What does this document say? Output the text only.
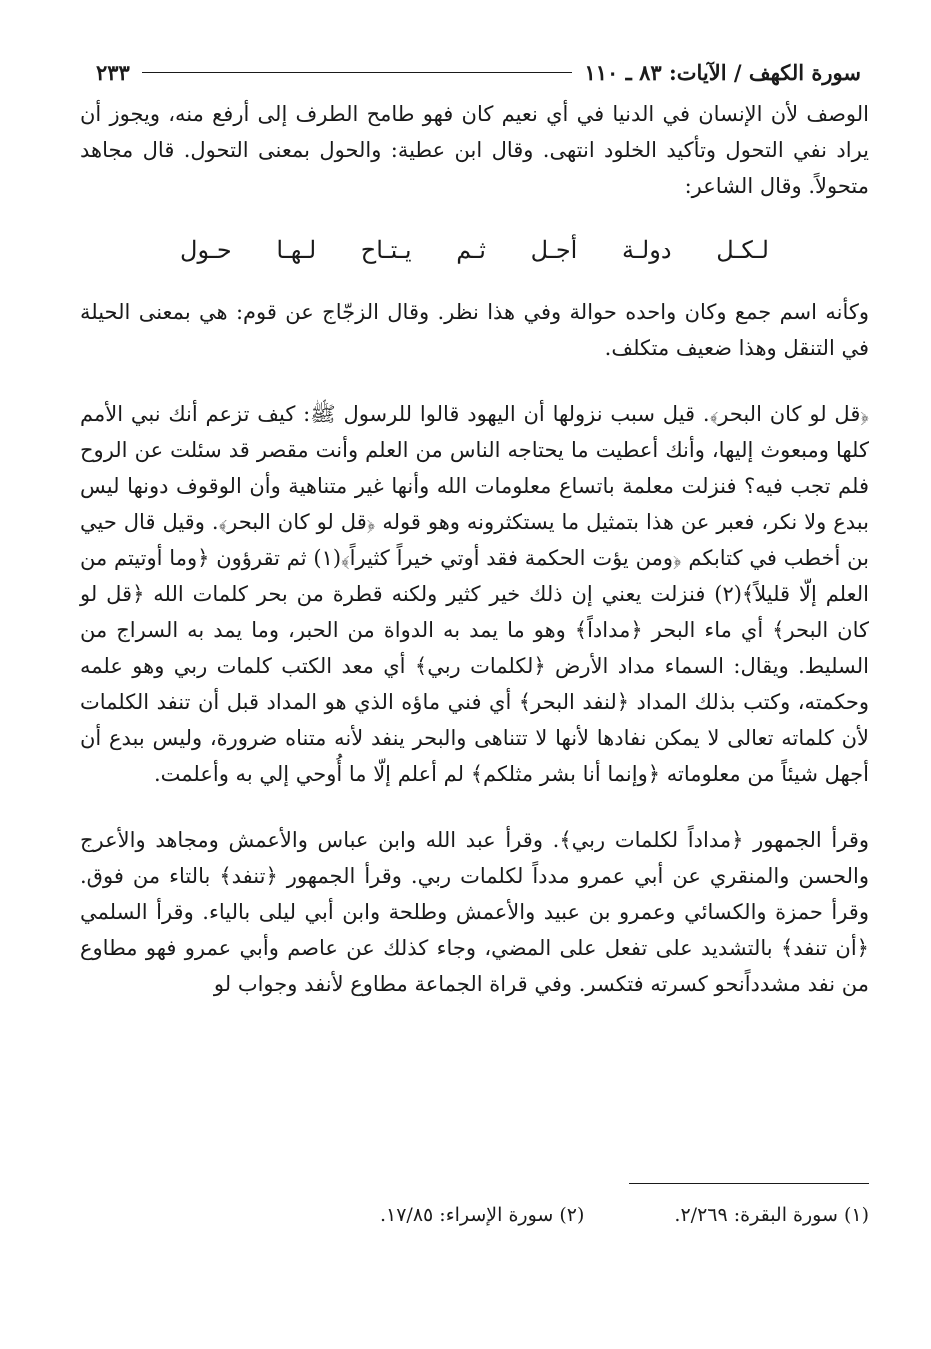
سورة الكهف / الآيات: ٨٣ ـ ١١٠
٢٣٣

الوصف لأن الإنسان في الدنيا في أي نعيم كان فهو طامح الطرف إلى أرفع منه، ويجوز أن يراد نفي التحول وتأكيد الخلود انتهى. وقال ابن عطية: والحول بمعنى التحول. قال مجاهد متحولاً. وقال الشاعر:

لـكـل
دولـة
أجـل
ثـم
يـتـاح
لـهـا
حـول

وكأنه اسم جمع وكان واحده حوالة وفي هذا نظر. وقال الزجّاج عن قوم: هي بمعنى الحيلة في التنقل وهذا ضعيف متكلف.

﴿قل لو كان البحر﴾. قيل سبب نزولها أن اليهود قالوا للرسول ﷺ: كيف تزعم أنك نبي الأمم كلها ومبعوث إليها، وأنك أعطيت ما يحتاجه الناس من العلم وأنت مقصر قد سئلت عن الروح فلم تجب فيه؟ فنزلت معلمة باتساع معلومات الله وأنها غير متناهية وأن الوقوف دونها ليس ببدع ولا نكر، فعبر عن هذا بتمثيل ما يستكثرونه وهو قوله ﴿قل لو كان البحر﴾. وقيل قال حيي بن أخطب في كتابكم ﴿ومن يؤت الحكمة فقد أوتي خيراً كثيراً﴾(١) ثم تقرؤون ﴿وما أوتيتم من العلم إلّا قليلاً﴾(٢) فنزلت يعني إن ذلك خير كثير ولكنه قطرة من بحر كلمات الله ﴿قل لو كان البحر﴾ أي ماء البحر ﴿مداداً﴾ وهو ما يمد به الدواة من الحبر، وما يمد به السراج من السليط. ويقال: السماء مداد الأرض ﴿لكلمات ربي﴾ أي معد الكتب كلمات ربي وهو علمه وحكمته، وكتب بذلك المداد ﴿لنفد البحر﴾ أي فني ماؤه الذي هو المداد قبل أن تنفد الكلمات لأن كلماته تعالى لا يمكن نفادها لأنها لا تتناهى والبحر ينفد لأنه متناه ضرورة، وليس ببدع أن أجهل شيئاً من معلوماته ﴿وإنما أنا بشر مثلكم﴾ لم أعلم إلّا ما أُوحي إلي به وأعلمت.

وقرأ الجمهور ﴿مداداً لكلمات ربي﴾. وقرأ عبد الله وابن عباس والأعمش ومجاهد والأعرج والحسن والمنقري عن أبي عمرو مدداً لكلمات ربي. وقرأ الجمهور ﴿تنفد﴾ بالتاء من فوق. وقرأ حمزة والكسائي وعمرو بن عبيد والأعمش وطلحة وابن أبي ليلى بالياء. وقرأ السلمي ﴿أن تنفد﴾ بالتشديد على تفعل على المضي، وجاء كذلك عن عاصم وأبي عمرو فهو مطاوع من نفد مشدداًنحو كسرته فتكسر. وفي قراة الجماعة مطاوع لأنفد وجواب لو

(١) سورة البقرة: ٢/٢٦٩.
(٢) سورة الإسراء: ١٧/٨٥.
